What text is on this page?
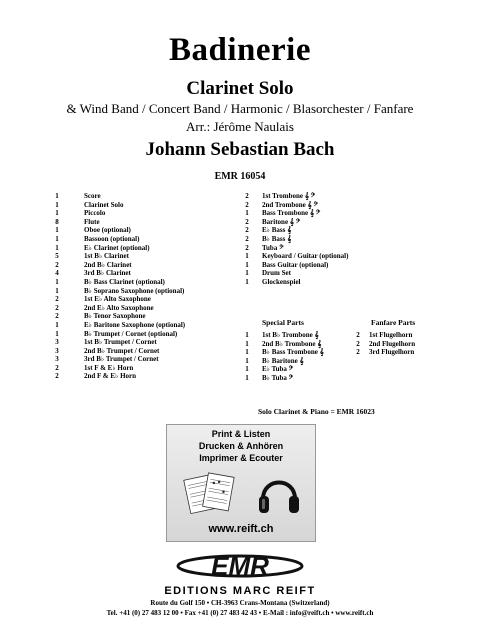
Badinerie
Clarinet Solo
& Wind Band / Concert Band / Harmonic / Blasorchester / Fanfare
Arr.: Jérôme Naulais
Johann Sebastian Bach
EMR 16054
1	Score
1	Clarinet Solo
1	Piccolo
8	Flute
1	Oboe (optional)
1	Bassoon (optional)
1	E♭ Clarinet (optional)
5	1st B♭ Clarinet
2	2nd B♭ Clarinet
4	3rd B♭ Clarinet
1	B♭ Bass Clarinet (optional)
1	B♭ Soprano Saxophone (optional)
2	1st E♭ Alto Saxophone
2	2nd E♭ Alto Saxophone
2	B♭ Tenor Saxophone
1	E♭ Baritone Saxophone (optional)
1	B♭ Trumpet / Cornet (optional)
3	1st B♭ Trumpet / Cornet
3	2nd B♭ Trumpet / Cornet
3	3rd B♭ Trumpet / Cornet
2	1st F & E♭ Horn
2	2nd F & E♭ Horn
2 1st Trombone 𝄞 𝄢
2 2nd Trombone 𝄞 𝄢
1 Bass Trombone 𝄞 𝄢
2 Baritone 𝄞 𝄢
2 E♭ Bass 𝄞
2 B♭ Bass 𝄞
2 Tuba 𝄢
1 Keyboard / Guitar (optional)
1 Bass Guitar (optional)
1 Drum Set
1 Glockenspiel
Special Parts	Fanfare Parts
1 1st B♭ Trombone 𝄞
1 2nd B♭ Trombone 𝄞
1 B♭ Bass Trombone 𝄞
1 B♭ Baritone 𝄞
1 E♭ Tuba 𝄢
1 B♭ Tuba 𝄢
2 1st Flugelhorn
2 2nd Flugelhorn
2 3rd Flugelhorn
Solo Clarinet & Piano = EMR 16023
Print & Listen
Drucken & Anhören
Imprimer & Ecouter
www.reift.ch
EMR
EDITIONS MARC REIFT
Route du Golf 150 • CH-3963 Crans-Montana (Switzerland)
Tel. +41 (0) 27 483 12 00 • Fax +41 (0) 27 483 42 43 • E-Mail : info@reift.ch • www.reift.ch
